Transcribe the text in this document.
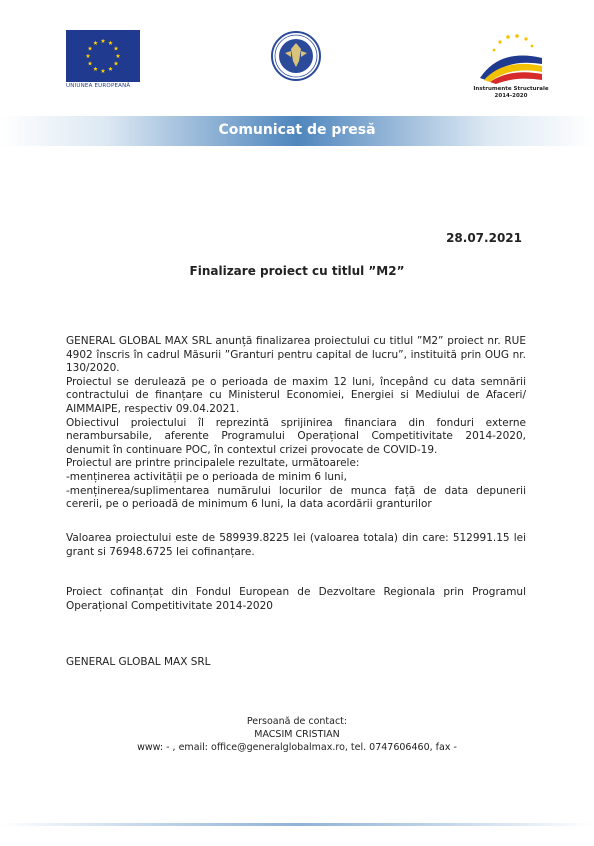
UNIUNEA EUROPEANĂ	Instrumente Structurale
2014-2020
Comunicat de presă
28.07.2021
Finalizare proiect cu titlul ”M2”

GENERAL GLOBAL MAX SRL anunță finalizarea proiectului cu titlul ”M2” proiect nr. RUE 4902 înscris în cadrul Măsurii ”Granturi pentru capital de lucru”, instituită prin OUG nr. 130/2020.

Proiectul se derulează pe o perioada de maxim 12 luni, începând cu data semnării contractului de finanțare cu Ministerul Economiei, Energiei si Mediului de Afaceri/ AIMMAIPE, respectiv 09.04.2021.

Obiectivul proiectului îl reprezintă sprijinirea financiara din fonduri externe nerambursabile, aferente Programului Operațional Competitivitate 2014-2020, denumit în continuare POC, în contextul crizei provocate de COVID-19.

Proiectul are printre principalele rezultate, următoarele:

-menținerea activității pe o perioada de minim 6 luni,

-menținerea/suplimentarea numărului locurilor de munca față de data depunerii cererii, pe o perioadă de minimum 6 luni, la data acordării granturilor

Valoarea proiectului este de 589939.8225 lei (valoarea totala) din care: 512991.15 lei grant si 76948.6725 lei cofinanțare.
Proiect cofinanțat din Fondul European de Dezvoltare Regionala prin Programul Operațional Competitivitate 2014-2020
GENERAL GLOBAL MAX SRL
Persoană de contact:
MACSIM CRISTIAN
www: - , email: office@generalglobalmax.ro, tel. 0747606460, fax -
